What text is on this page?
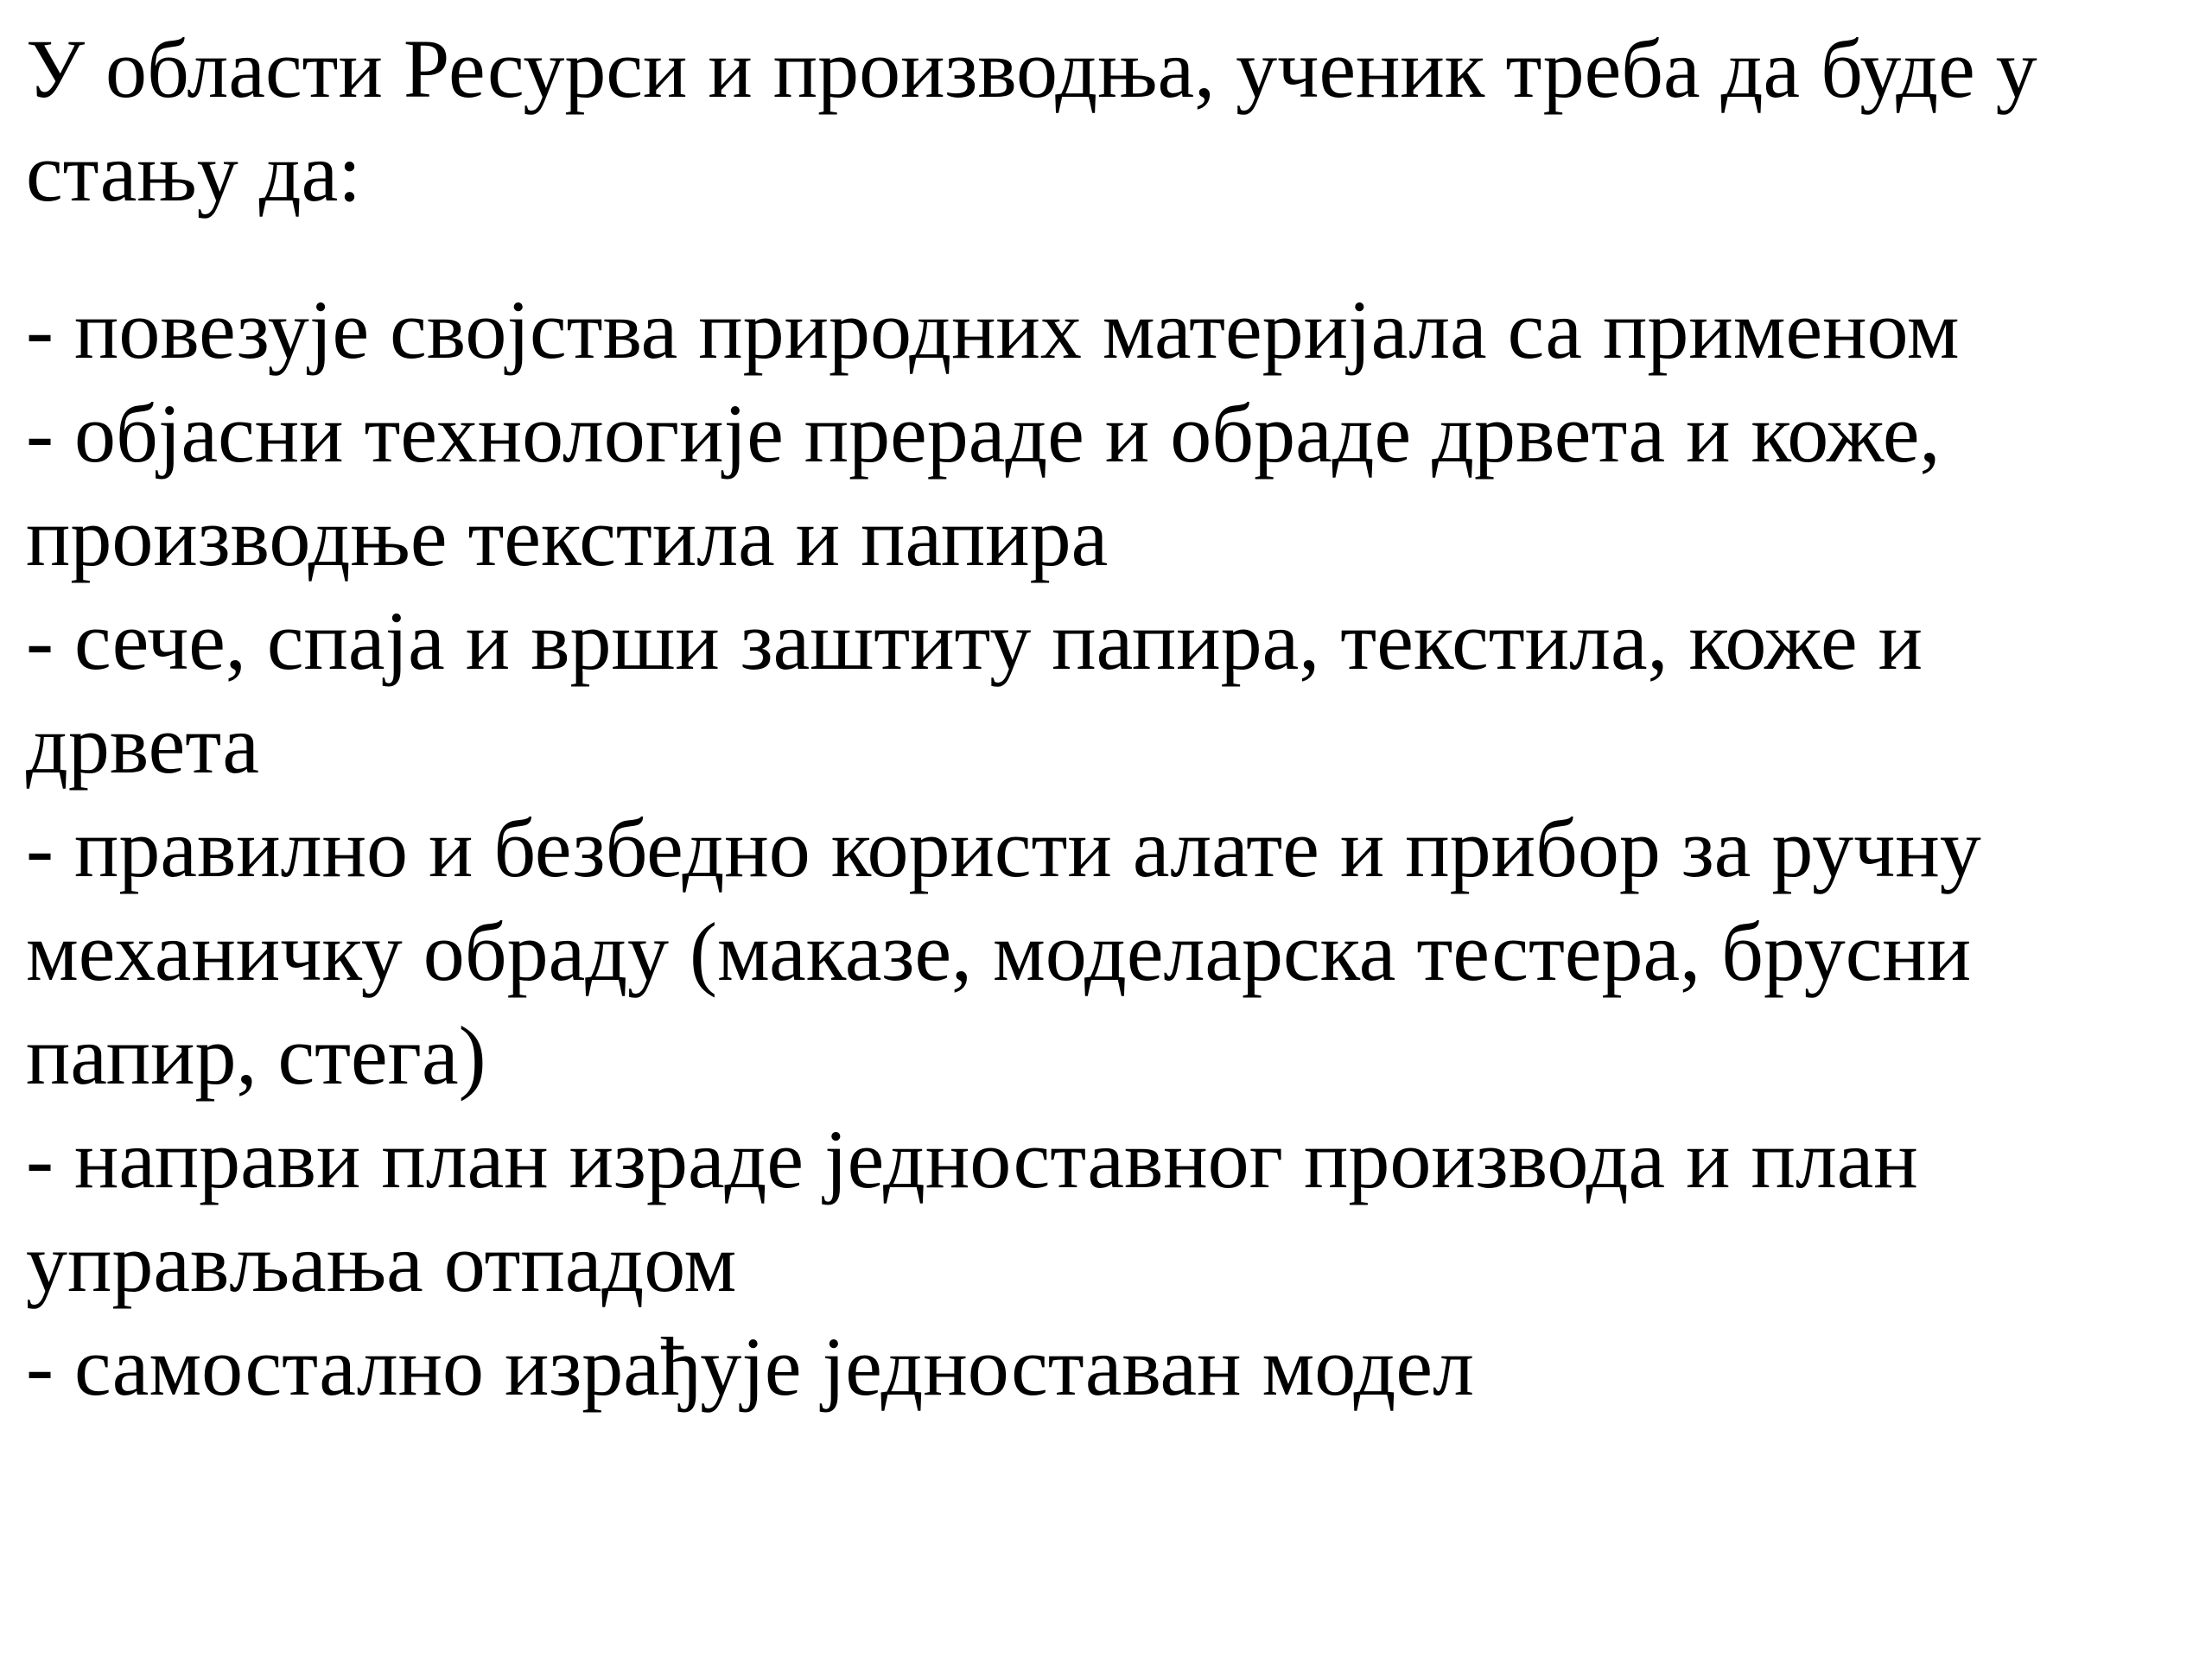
У области Ресурси и производња, ученик треба да буде у стању да:

- повезује својства природних материјала са применом
- објасни технологије прераде и обраде дрвета и коже, производње текстила и папира
- сече, спаја и врши заштиту папира, текстила, коже и дрвета
- правилно и безбедно користи алате и прибор за ручну механичку обраду (маказе, моделарска тестера, брусни папир, стега)
- направи план израде једноставног производа и план управљања отпадом
- самостално израђује једноставан модел
